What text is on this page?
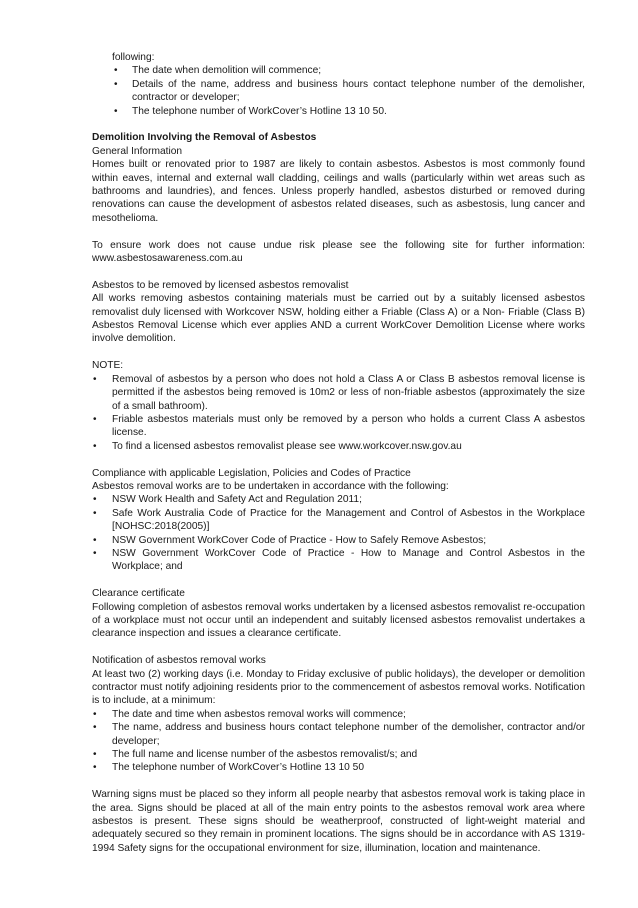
following:

• The date when demolition will commence;
• Details of the name, address and business hours contact telephone number of the demolisher, contractor or developer;
• The telephone number of WorkCover’s Hotline 13 10 50.

Demolition Involving the Removal of Asbestos

General Information

Homes built or renovated prior to 1987 are likely to contain asbestos. Asbestos is most commonly found within eaves, internal and external wall cladding, ceilings and walls (particularly within wet areas such as bathrooms and laundries), and fences. Unless properly handled, asbestos disturbed or removed during renovations can cause the development of asbestos related diseases, such as asbestosis, lung cancer and mesothelioma.

To ensure work does not cause undue risk please see the following site for further information: www.asbestosawareness.com.au

Asbestos to be removed by licensed asbestos removalist

All works removing asbestos containing materials must be carried out by a suitably licensed asbestos removalist duly licensed with Workcover NSW, holding either a Friable (Class A) or a Non- Friable (Class B) Asbestos Removal License which ever applies AND a current WorkCover Demolition License where works involve demolition.

NOTE:

• Removal of asbestos by a person who does not hold a Class A or Class B asbestos removal license is permitted if the asbestos being removed is 10m2 or less of non-friable asbestos (approximately the size of a small bathroom).
• Friable asbestos materials must only be removed by a person who holds a current Class A asbestos license.
• To find a licensed asbestos removalist please see www.workcover.nsw.gov.au

Compliance with applicable Legislation, Policies and Codes of Practice

Asbestos removal works are to be undertaken in accordance with the following:

• NSW Work Health and Safety Act and Regulation 2011;
• Safe Work Australia Code of Practice for the Management and Control of Asbestos in the Workplace [NOHSC:2018(2005)]
• NSW Government WorkCover Code of Practice - How to Safely Remove Asbestos;
• NSW Government WorkCover Code of Practice - How to Manage and Control Asbestos in the Workplace; and

Clearance certificate

Following completion of asbestos removal works undertaken by a licensed asbestos removalist re-occupation of a workplace must not occur until an independent and suitably licensed asbestos removalist undertakes a clearance inspection and issues a clearance certificate.

Notification of asbestos removal works

At least two (2) working days (i.e. Monday to Friday exclusive of public holidays), the developer or demolition contractor must notify adjoining residents prior to the commencement of asbestos removal works. Notification is to include, at a minimum:

• The date and time when asbestos removal works will commence;
• The name, address and business hours contact telephone number of the demolisher, contractor and/or developer;
• The full name and license number of the asbestos removalist/s; and
• The telephone number of WorkCover’s Hotline 13 10 50

Warning signs must be placed so they inform all people nearby that asbestos removal work is taking place in the area. Signs should be placed at all of the main entry points to the asbestos removal work area where asbestos is present. These signs should be weatherproof, constructed of light-weight material and adequately secured so they remain in prominent locations. The signs should be in accordance with AS 1319-1994 Safety signs for the occupational environment for size, illumination, location and maintenance.
